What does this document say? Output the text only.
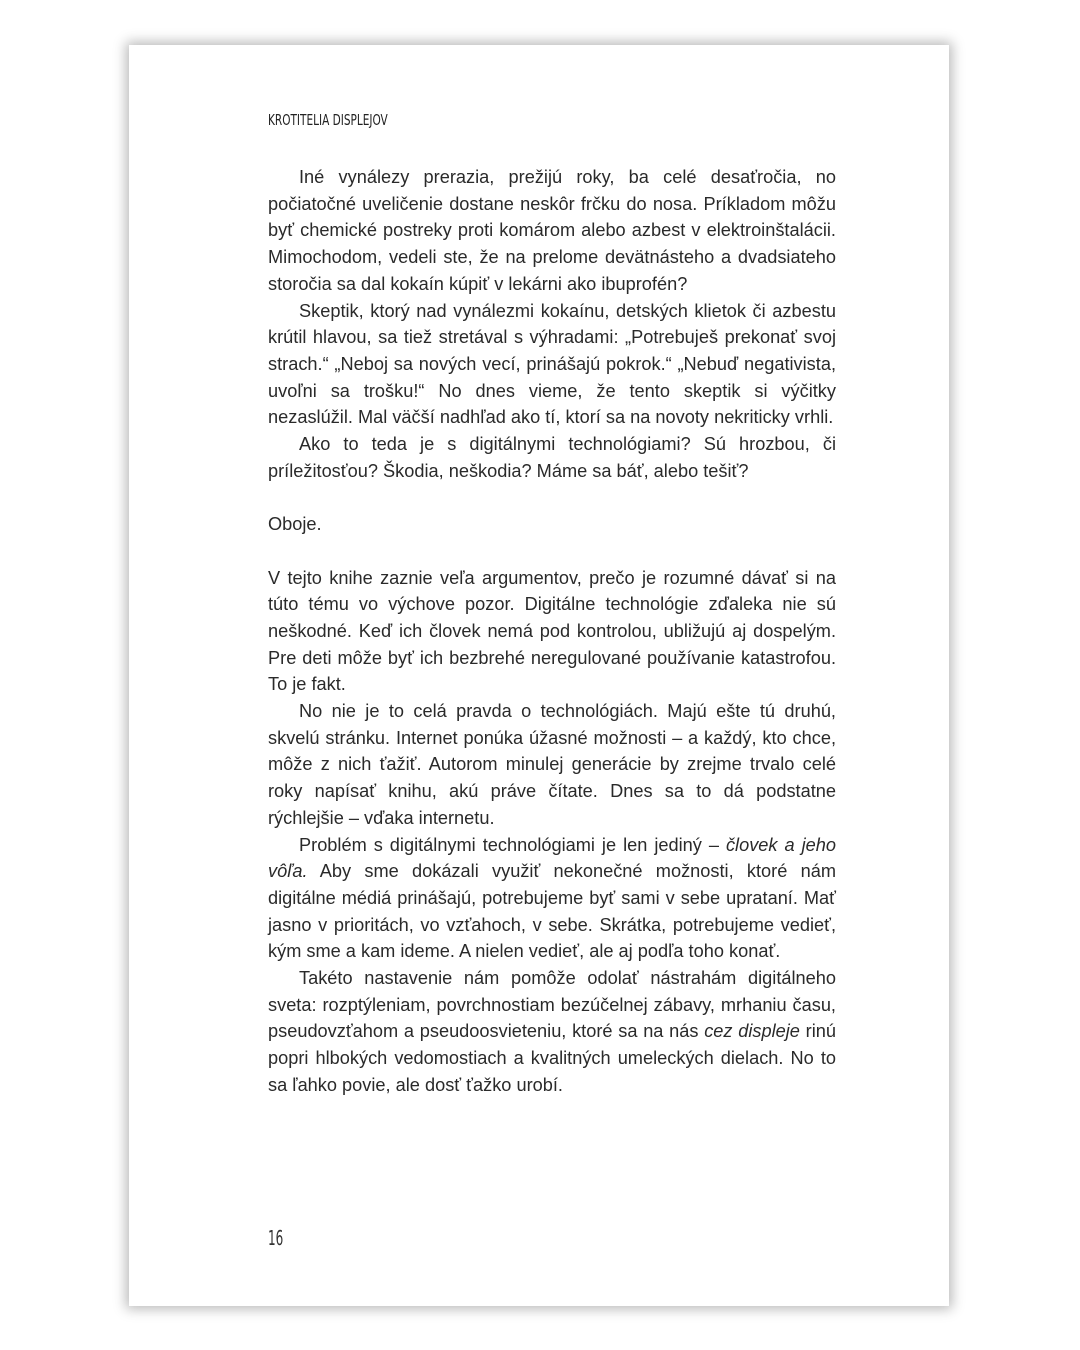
KROTITELIA DISPLEJOV

Iné vynálezy prerazia, prežijú roky, ba celé desaťročia, no počiatočné uveličenie dostane neskôr frčku do nosa. Príkladom môžu byť chemické postreky proti komárom alebo azbest v elektroinštalácii. Mimochodom, vedeli ste, že na prelome devätnásteho a dvadsiateho storočia sa dal kokaín kúpiť v lekárni ako ibuprofén?

Skeptik, ktorý nad vynálezmi kokaínu, detských klietok či azbestu krútil hlavou, sa tiež stretával s výhradami: „Potrebuješ prekonať svoj strach.“ „Neboj sa nových vecí, prinášajú pokrok.“ „Nebuď negativista, uvoľni sa trošku!“ No dnes vieme, že tento skeptik si výčitky nezaslúžil. Mal väčší nadhľad ako tí, ktorí sa na novoty nekriticky vrhli.

Ako to teda je s digitálnymi technológiami? Sú hrozbou, či príležitosťou? Škodia, neškodia? Máme sa báť, alebo tešiť?

Oboje.

V tejto knihe zaznie veľa argumentov, prečo je rozumné dávať si na túto tému vo výchove pozor. Digitálne technológie zďaleka nie sú neškodné. Keď ich človek nemá pod kontrolou, ubližujú aj dospelým. Pre deti môže byť ich bezbrehé neregulované používanie katastrofou. To je fakt.

No nie je to celá pravda o technológiách. Majú ešte tú druhú, skvelú stránku. Internet ponúka úžasné možnosti – a každý, kto chce, môže z nich ťažiť. Autorom minulej generácie by zrejme trvalo celé roky napísať knihu, akú práve čítate. Dnes sa to dá podstatne rýchlejšie – vďaka internetu.

Problém s digitálnymi technológiami je len jediný – človek a jeho vôľa. Aby sme dokázali využiť nekonečné možnosti, ktoré nám digitálne médiá prinášajú, potrebujeme byť sami v sebe uprataní. Mať jasno v prioritách, vo vzťahoch, v sebe. Skrátka, potrebujeme vedieť, kým sme a kam ideme. A nielen vedieť, ale aj podľa toho konať.

Takéto nastavenie nám pomôže odolať nástrahám digitálneho sveta: rozptýleniam, povrchnostiam bezúčelnej zábavy, mrhaniu času, pseudovzťahom a pseudoosvieteniu, ktoré sa na nás cez displeje rinú popri hlbokých vedomostiach a kvalitných umeleckých dielach. No to sa ľahko povie, ale dosť ťažko urobí.

16
